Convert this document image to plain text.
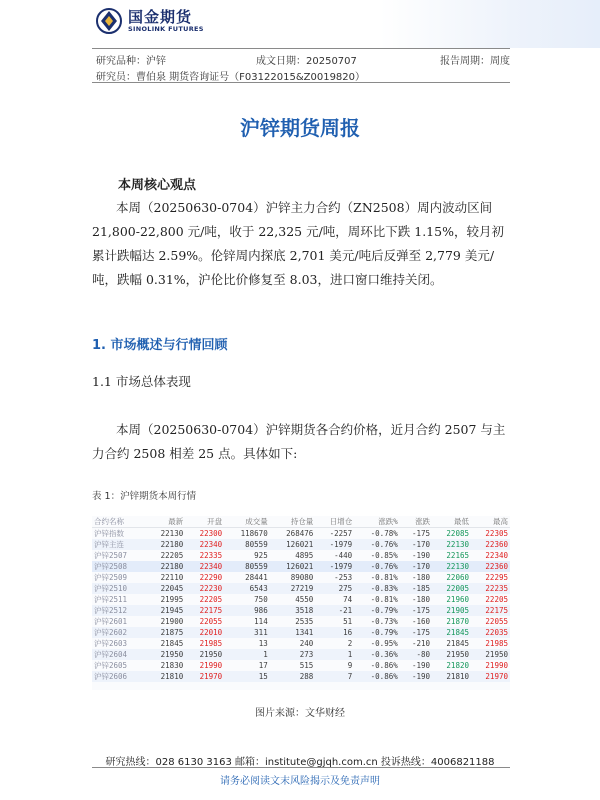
国金期货
SINOLINK FUTURES
研究品种：沪锌	成文日期：20250707	报告周期：周度
研究员：曹伯泉 期货咨询证号（F03122015&Z0019820）
沪锌期货周报
本周核心观点
本周（20250630-0704）沪锌主力合约（ZN2508）周内波动区间 21,800-22,800 元/吨，收于 22,325 元/吨，周环比下跌 1.15%，较月初累计跌幅达 2.59%。伦锌周内探底 2,701 美元/吨后反弹至 2,779 美元/吨，跌幅 0.31%，沪伦比价修复至 8.03，进口窗口维持关闭。
1. 市场概述与行情回顾
1.1 市场总体表现
本周（20250630-0704）沪锌期货各合约价格，近月合约 2507 与主力合约 2508 相差 25 点。具体如下:
表 1：沪锌期货本周行情
合约名称	最新	开盘	成交量	持仓量	日增仓	涨跌%	涨跌	最低	最高
沪锌指数	22130	22300	118670	268476	-2257	-0.78%	-175	22085	22305
沪锌主连	22180	22340	80559	126021	-1979	-0.76%	-170	22130	22360
沪锌2507	22205	22335	925	4895	-440	-0.85%	-190	22165	22340
沪锌2508	22180	22340	80559	126021	-1979	-0.76%	-170	22130	22360
沪锌2509	22110	22290	28441	89080	-253	-0.81%	-180	22060	22295
沪锌2510	22045	22230	6543	27219	275	-0.83%	-185	22005	22235
沪锌2511	21995	22205	750	4550	74	-0.81%	-180	21960	22205
沪锌2512	21945	22175	986	3518	-21	-0.79%	-175	21905	22175
沪锌2601	21900	22055	114	2535	51	-0.73%	-160	21870	22055
沪锌2602	21875	22010	311	1341	16	-0.79%	-175	21845	22035
沪锌2603	21845	21985	13	240	2	-0.95%	-210	21845	21985
沪锌2604	21950	21950	1	273	1	-0.36%	-80	21950	21950
沪锌2605	21830	21990	17	515	9	-0.86%	-190	21820	21990
沪锌2606	21810	21970	15	288	7	-0.86%	-190	21810	21970
图片来源：文华财经
研究热线：028 6130 3163 邮箱：institute@gjqh.com.cn 投诉热线：4006821188
请务必阅读文末风险揭示及免责声明
